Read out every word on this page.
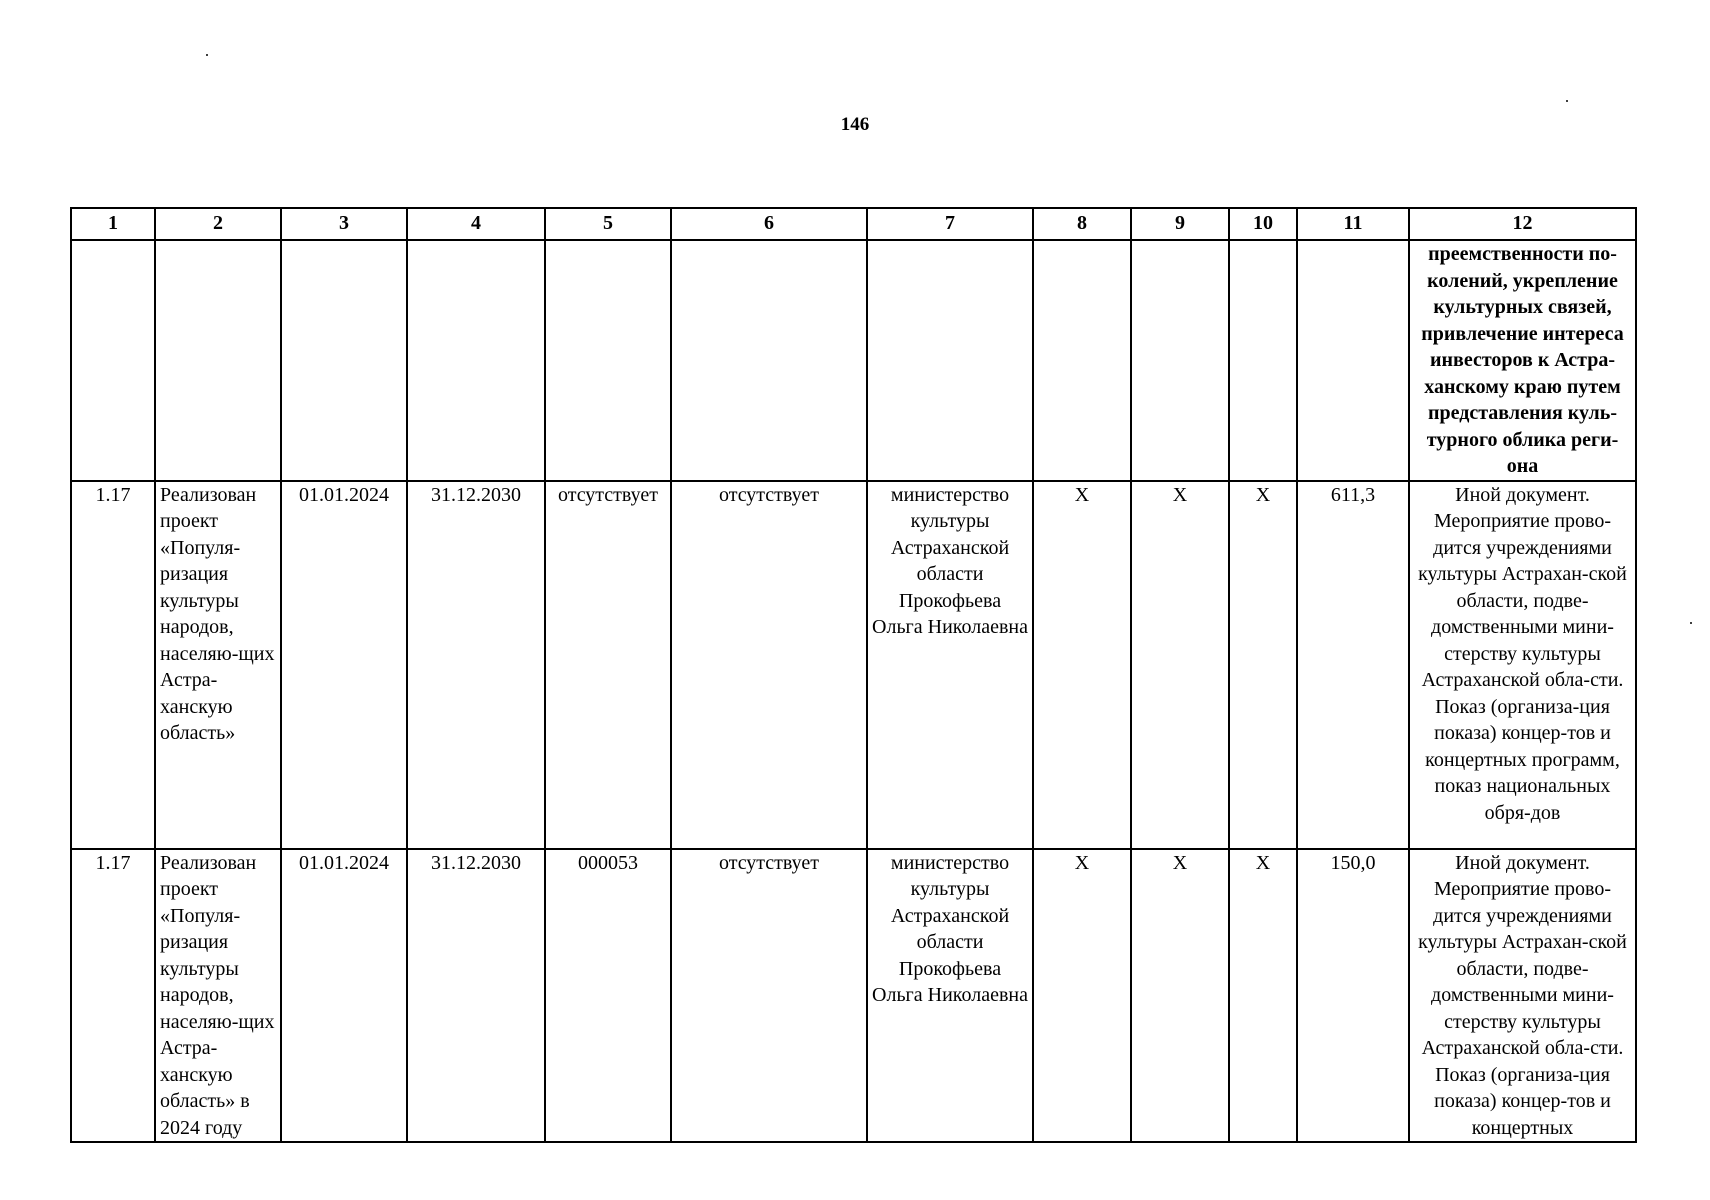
146
1	2	3	4	5	6	7	8	9	10	11	12
											преемственности по-колений, укрепление культурных связей, привлечение интереса инвесторов к Астра-ханскому краю путем представления куль-турного облика реги-она
1.17	Реализован проект «Популя-ризация культуры народов, населяю-щих Астра-ханскую область»	01.01.2024	31.12.2030	отсутствует	отсутствует	министерство культуры Астраханской области Прокофьева Ольга Николаевна	X	X	X	611,3	Иной документ. Мероприятие прово-дится учреждениями культуры Астрахан-ской области, подве-домственными мини-стерству культуры Астраханской обла-сти. Показ (организа-ция показа) концер-тов и концертных программ, показ национальных обря-дов
1.17	Реализован проект «Популя-ризация культуры народов, населяю-щих Астра-ханскую область» в 2024 году	01.01.2024	31.12.2030	000053	отсутствует	министерство культуры Астраханской области Прокофьева Ольга Николаевна	X	X	X	150,0	Иной документ. Мероприятие прово-дится учреждениями культуры Астрахан-ской области, подве-домственными мини-стерству культуры Астраханской обла-сти. Показ (организа-ция показа) концер-тов и концертных
